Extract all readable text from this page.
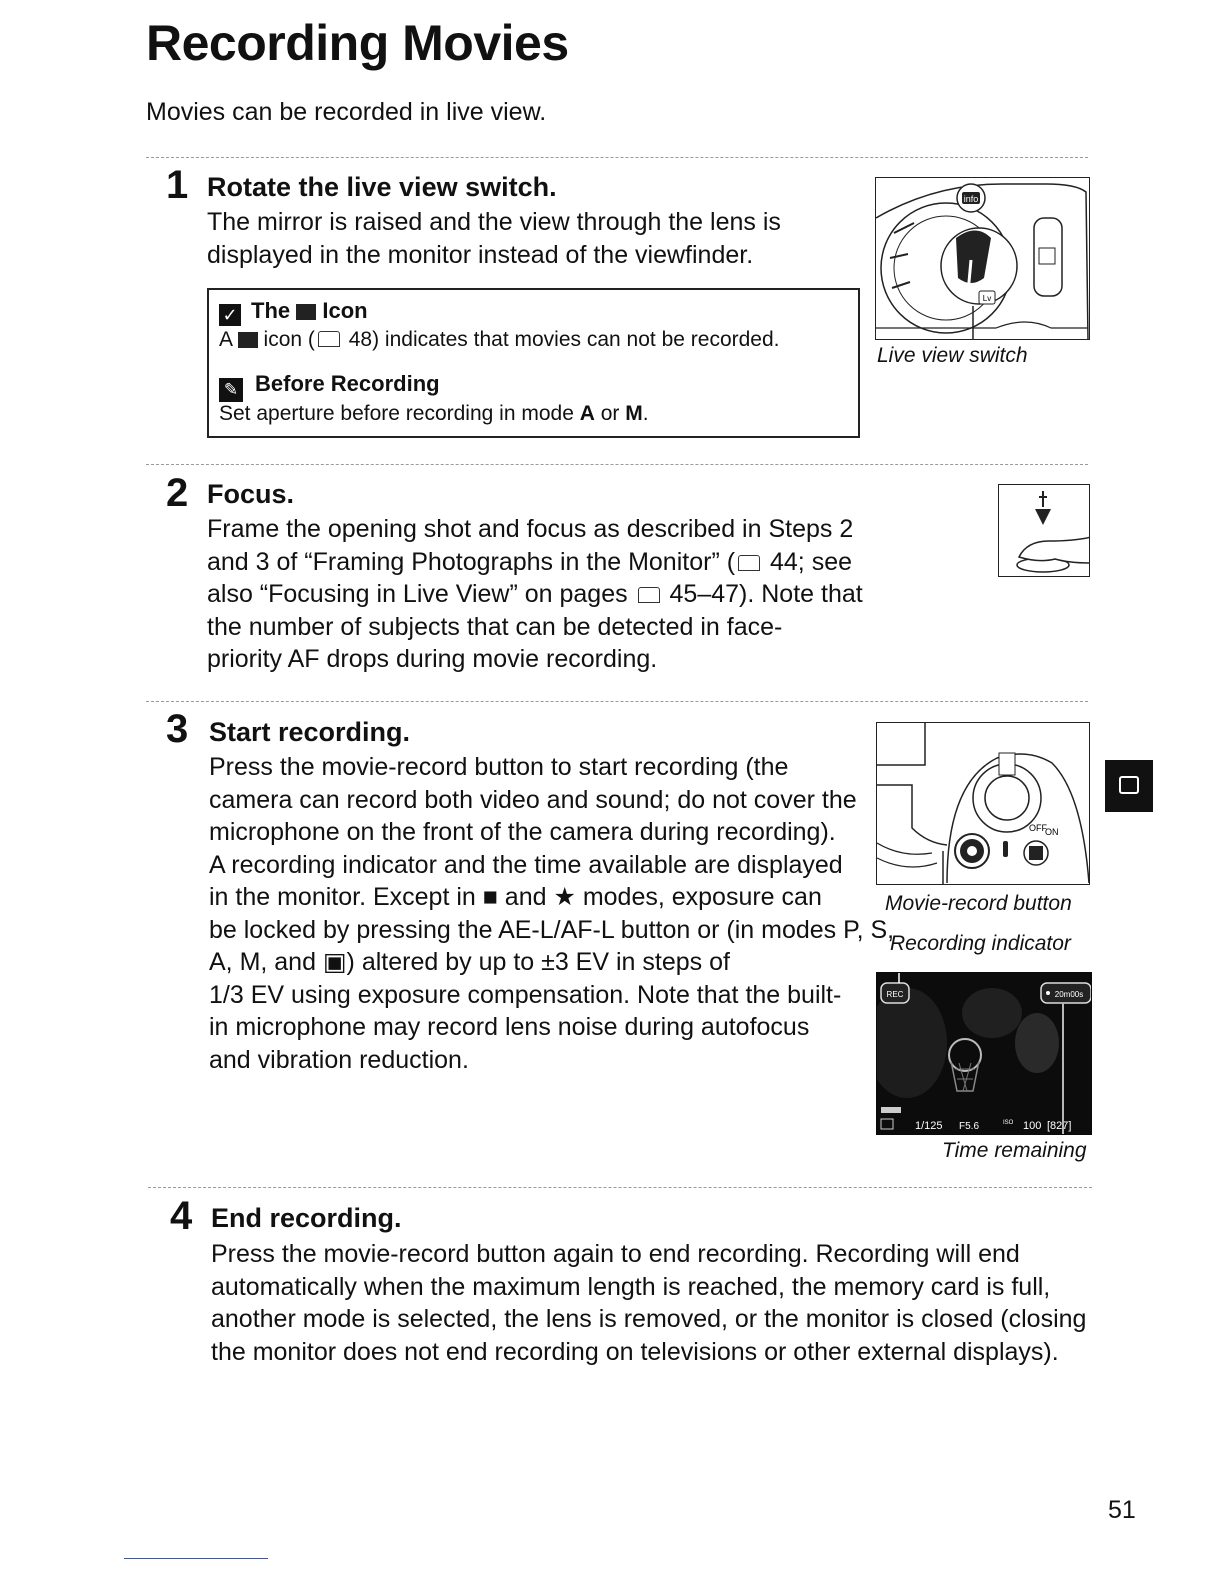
Recording Movies
Movies can be recorded in live view.
1 Rotate the live view switch.
The mirror is raised and the view through the lens is
displayed in the monitor instead of the viewfinder.
✓ The Icon
A icon ( 48) indicates that movies can not be recorded.
✎ Before Recording
Set aperture before recording in mode A or M.
info
Lv
Live view switch
2 Focus.
Frame the opening shot and focus as described in Steps 2
and 3 of “Framing Photographs in the Monitor” ( 44; see
also “Focusing in Live View” on pages  45–47). Note that
the number of subjects that can be detected in face-
priority AF drops during movie recording.
3 Start recording.
Press the movie-record button to start recording (the
camera can record both video and sound; do not cover the
microphone on the front of the camera during recording).
A recording indicator and the time available are displayed
in the monitor. Except in ■ and ★ modes, exposure can
be locked by pressing the AE-L/AF-L button or (in modes P, S,
A, M, and ▣) altered by up to ±3 EV in steps of
1/3 EV using exposure compensation. Note that the built-
in microphone may record lens noise during autofocus
and vibration reduction.
OFF
ON
Movie-record button
Recording indicator
REC	20m00s
1/125 F5.6	ISO 100 [827]
Time remaining
4 End recording.
Press the movie-record button again to end recording. Recording will end
automatically when the maximum length is reached, the memory card is full,
another mode is selected, the lens is removed, or the monitor is closed (closing
the monitor does not end recording on televisions or other external displays).
51
